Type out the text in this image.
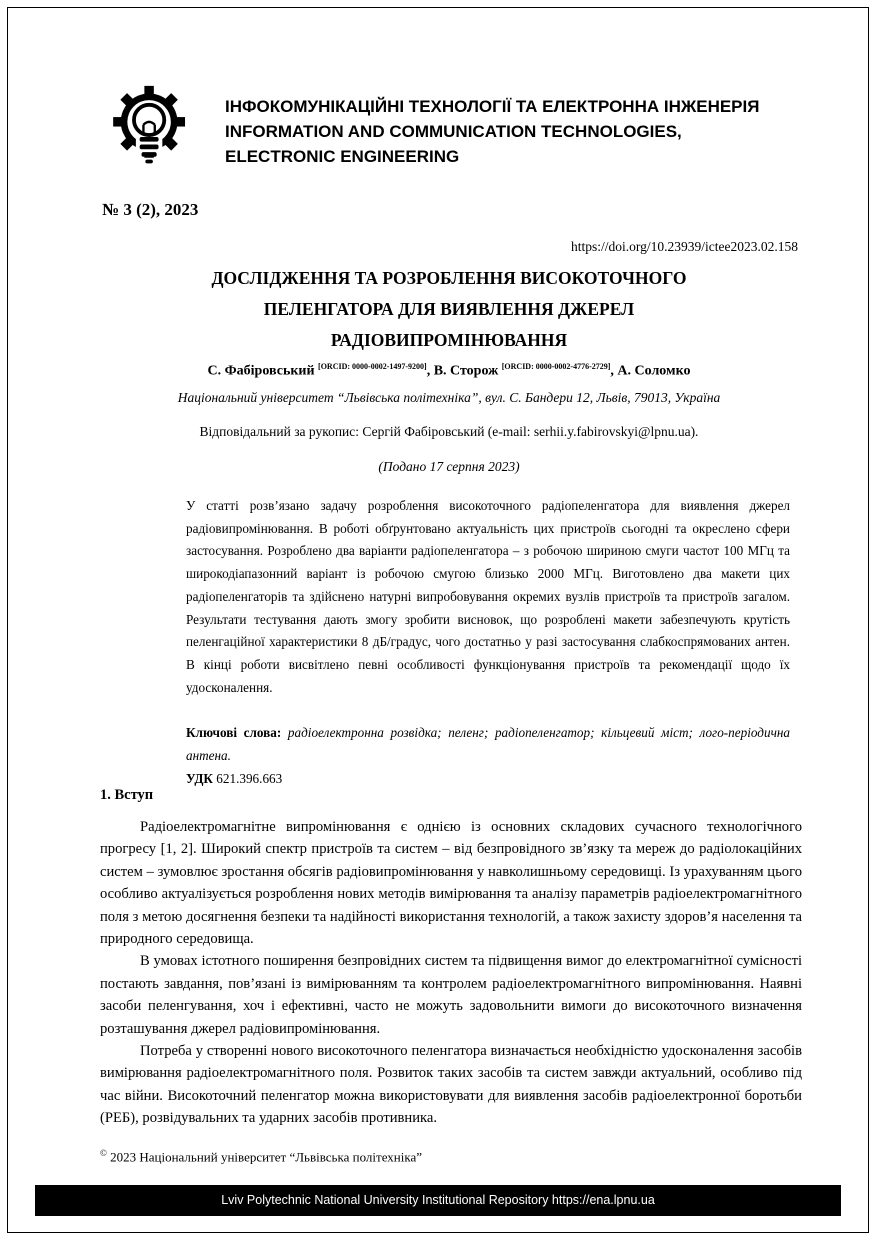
ІНФОКОМУНІКАЦІЙНІ ТЕХНОЛОГІЇ ТА ЕЛЕКТРОННА ІНЖЕНЕРІЯ
INFORMATION AND COMMUNICATION TECHNOLOGIES,
ELECTRONIC ENGINEERING
№ 3 (2), 2023
https://doi.org/10.23939/ictee2023.02.158
ДОСЛІДЖЕННЯ ТА РОЗРОБЛЕННЯ ВИСОКОТОЧНОГО
ПЕЛЕНГАТОРА ДЛЯ ВИЯВЛЕННЯ ДЖЕРЕЛ
РАДІОВИПРОМІНЮВАННЯ
С. Фабіровський [ORCID: 0000-0002-1497-9200], В. Сторож [ORCID: 0000-0002-4776-2729], А. Соломко
Національний університет “Львівська політехніка”, вул. С. Бандери 12, Львів, 79013, Україна
Відповідальний за рукопис: Сергій Фабіровський (e-mail: serhii.y.fabirovskyi@lpnu.ua).
(Подано 17 серпня 2023)

У статті розв’язано задачу розроблення високоточного радіопеленгатора для виявлення джерел радіовипромінювання. В роботі обґрунтовано актуальність цих пристроїв сьогодні та окреслено сфери застосування. Розроблено два варіанти радіопеленгатора – з робочою шириною смуги частот 100 МГц та широкодіапазонний варіант із робочою смугою близько 2000 МГц. Виготовлено два макети цих радіопеленгаторів та здійснено натурні випробовування окремих вузлів пристроїв та пристроїв загалом. Результати тестування дають змогу зробити висновок, що розроблені макети забезпечують крутість пеленгаційної характеристики 8 дБ/градус, чого достатньо у разі застосування слабкоспрямованих антен. В кінці роботи висвітлено певні особливості функціонування пристроїв та рекомендації щодо їх удосконалення.

Ключові слова: радіоелектронна розвідка; пеленг; радіопеленгатор; кільцевий міст; лого-періодична антена.

УДК 621.396.663

1. Вступ

Радіоелектромагнітне випромінювання є однією із основних складових сучасного технологічного прогресу [1, 2]. Широкий спектр пристроїв та систем – від безпровідного зв’язку та мереж до радіолокаційних систем – зумовлює зростання обсягів радіовипромінювання у навколишньому середовищі. Із урахуванням цього особливо актуалізується розроблення нових методів вимірювання та аналізу параметрів радіоелектромагнітного поля з метою досягнення безпеки та надійності використання технологій, а також захисту здоров’я населення та природного середовища.

В умовах істотного поширення безпровідних систем та підвищення вимог до електромагнітної сумісності постають завдання, пов’язані із вимірюванням та контролем радіоелектромагнітного випромінювання. Наявні засоби пеленгування, хоч і ефективні, часто не можуть задовольнити вимоги до високоточного визначення розташування джерел радіовипромінювання.

Потреба у створенні нового високоточного пеленгатора визначається необхідністю удосконалення засобів вимірювання радіоелектромагнітного поля. Розвиток таких засобів та систем завжди актуальний, особливо під час війни. Високоточний пеленгатор можна використовувати для виявлення засобів радіоелектронної боротьби (РЕБ), розвідувальних та ударних засобів противника.

© 2023 Національний університет “Львівська політехніка”
Lviv Polytechnic National University Institutional Repository https://ena.lpnu.ua
